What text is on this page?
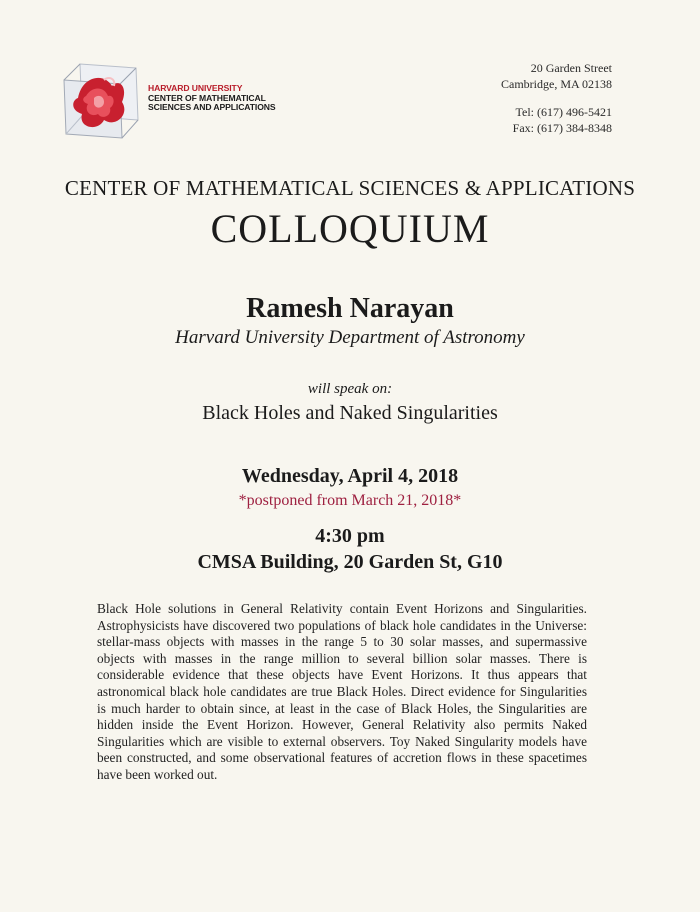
HARVARD UNIVERSITY
CENTER OF MATHEMATICAL
SCIENCES AND APPLICATIONS
20 Garden Street
Cambridge, MA 02138
Tel: (617) 496-5421
Fax: (617) 384-8348
CENTER OF MATHEMATICAL SCIENCES & APPLICATIONS
COLLOQUIUM
Ramesh Narayan
Harvard University Department of Astronomy
will speak on:
Black Holes and Naked Singularities
Wednesday, April 4, 2018
*postponed from March 21, 2018*
4:30 pm
CMSA Building, 20 Garden St, G10
Black Hole solutions in General Relativity contain Event Horizons and Singularities. Astrophysicists have discovered two populations of black hole candidates in the Universe: stellar-mass objects with masses in the range 5 to 30 solar masses, and supermassive objects with masses in the range million to several billion solar masses. There is considerable evidence that these objects have Event Horizons. It thus appears that astronomical black hole candidates are true Black Holes. Direct evidence for Singularities is much harder to obtain since, at least in the case of Black Holes, the Singularities are hidden inside the Event Horizon. However, General Relativity also permits Naked Singularities which are visible to external observers. Toy Naked Singularity models have been constructed, and some observational features of accretion flows in these spacetimes have been worked out.
